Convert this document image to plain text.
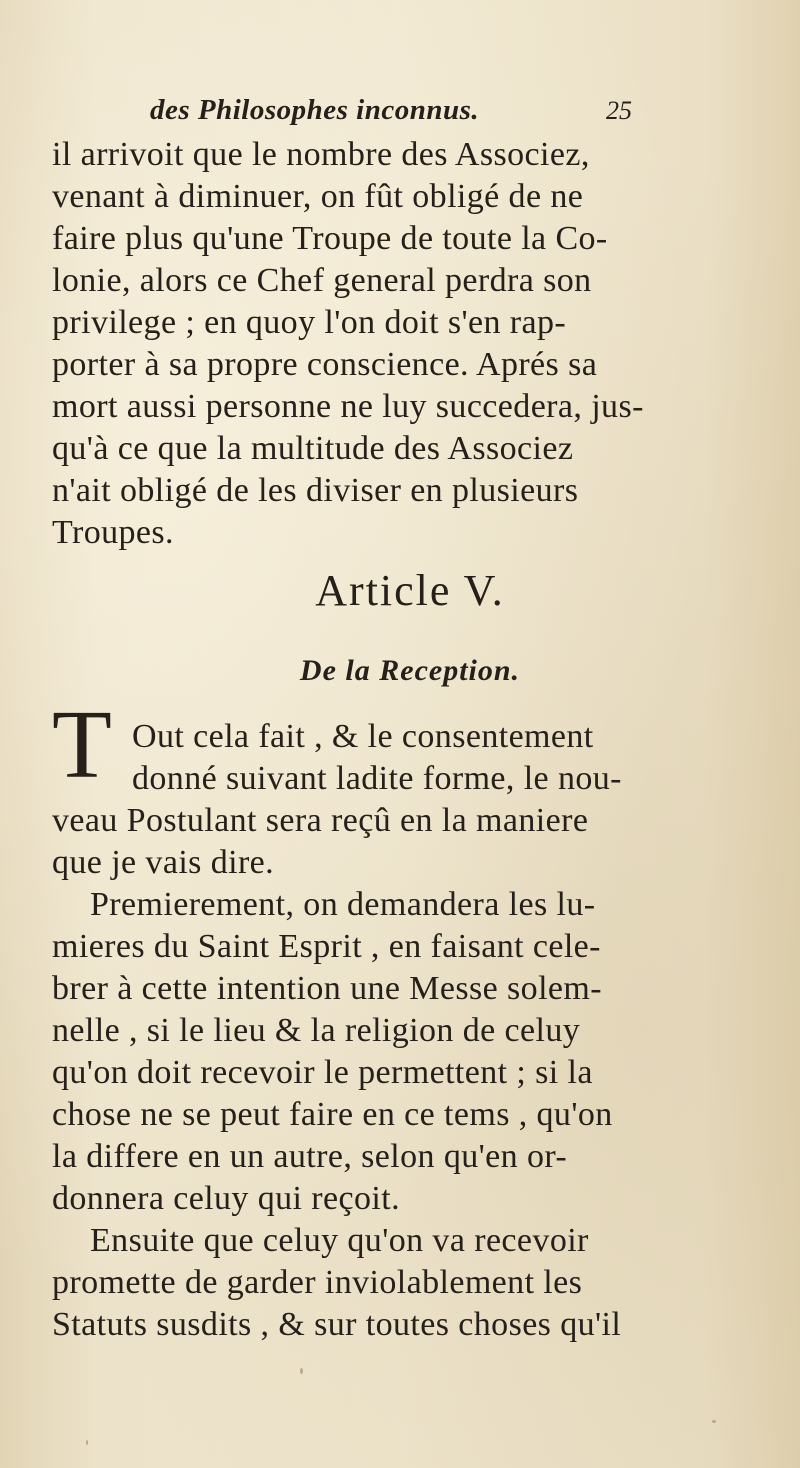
des Philosophes inconnus.	25
il arrivoit que le nombre des Associez,
venant à diminuer, on fût obligé de ne
faire plus qu'une Troupe de toute la Co-
lonie, alors ce Chef general perdra son
privilege ; en quoy l'on doit s'en rap-
porter à sa propre conscience. Aprés sa
mort aussi personne ne luy succedera, jus-
qu'à ce que la multitude des Associez
n'ait obligé de les diviser en plusieurs
Troupes.
Article V.
De la Reception.
T Out cela fait , & le consentement
donné suivant ladite forme, le nou-
veau Postulant sera reçû en la maniere
que je vais dire.
Premierement, on demandera les lu-
mieres du Saint Esprit , en faisant cele-
brer à cette intention une Messe solem-
nelle , si le lieu & la religion de celuy
qu'on doit recevoir le permettent ; si la
chose ne se peut faire en ce tems , qu'on
la differe en un autre, selon qu'en or-
donnera celuy qui reçoit.
Ensuite que celuy qu'on va recevoir
promette de garder inviolablement les
Statuts susdits , & sur toutes choses qu'il
